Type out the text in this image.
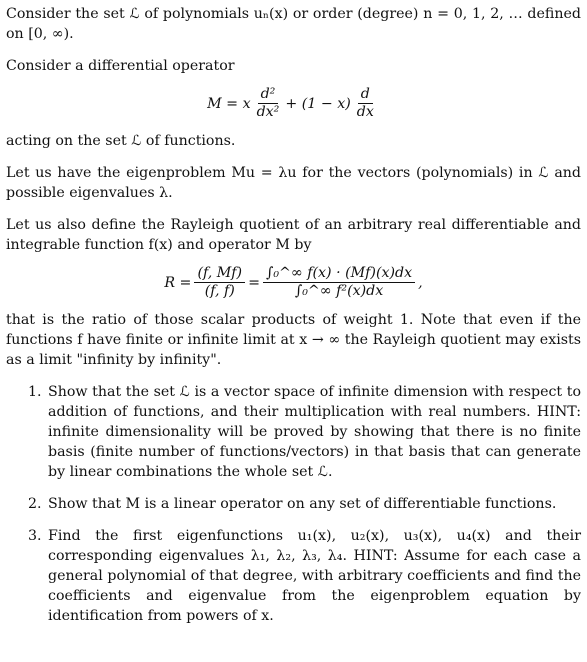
Consider the set ℒ of polynomials uₙ(x) or order (degree) n = 0, 1, 2, … defined on [0, ∞).

Consider a differential operator

M = x $\frac{\text{d²}}{\text{dx²}} + (1 - x) \frac{d}{dx}$

acting on the set ℒ of functions.

Let us have the eigenproblem Mu = λu for the vectors (polynomials) in ℒ and possible eigenvalues λ.

Let us also define the Rayleigh quotient of an arbitrary real differentiable and integrable function f(x) and operator M by

$R = \frac{(f, Mf)}{(f, f)} = \frac{\text{∫₀\textasciicircum{}∞ f(x) · (Mf)(x)dx}}{\text{∫₀\textasciicircum{}∞ f²(x)dx}}$ ,

that is the ratio of those scalar products of weight 1. Note that even if the functions f have finite or infinite limit at x → ∞ the Rayleigh quotient may exists as a limit "infinity by infinity".

1. Show that the set ℒ is a vector space of infinite dimension with respect to addition of functions, and their multiplication with real numbers. HINT: infinite dimensionality will be proved by showing that there is no finite basis (finite number of functions/vectors) in that basis that can generate by linear combinations the whole set ℒ.
2. Show that M is a linear operator on any set of differentiable functions.
3. Find the first eigenfunctions u₁(x), u₂(x), u₃(x), u₄(x) and their corresponding eigenvalues λ₁, λ₂, λ₃, λ₄. HINT: Assume for each case a general polynomial of that degree, with arbitrary coefficients and find the coefficients and eigenvalue from the eigenproblem equation by identification from powers of x.
